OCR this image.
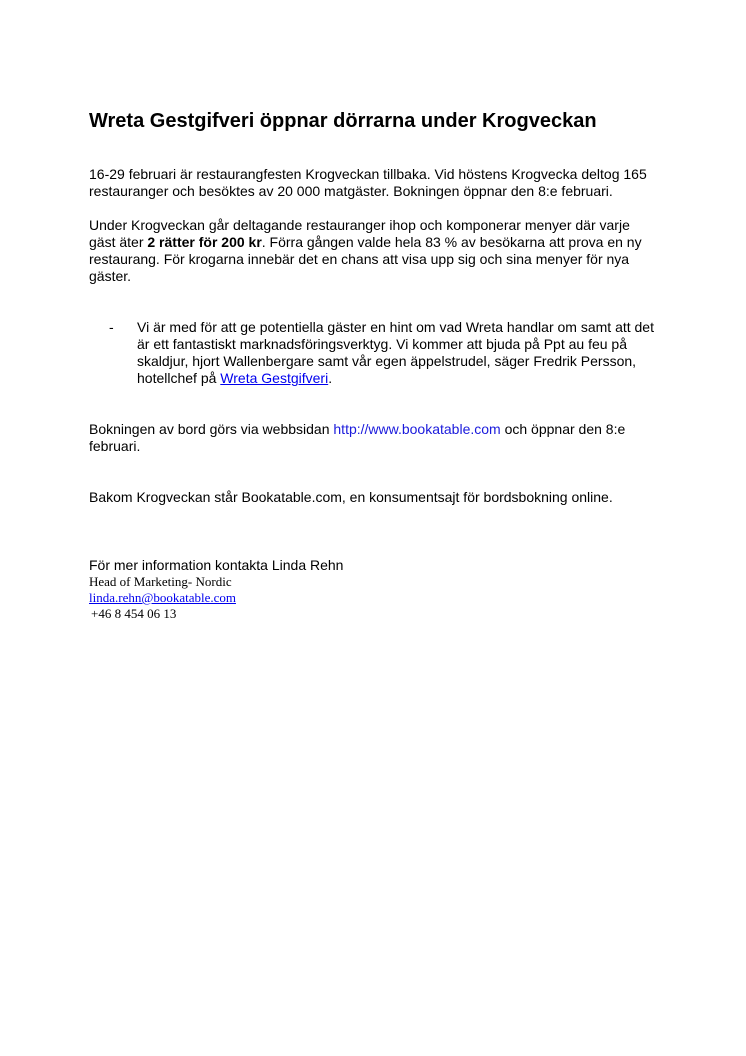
Wreta Gestgifveri öppnar dörrarna under Krogveckan

16-29 februari är restaurangfesten Krogveckan tillbaka. Vid höstens Krogvecka deltog 165 restauranger och besöktes av 20 000 matgäster. Bokningen öppnar den 8:e februari.

Under Krogveckan går deltagande restauranger ihop och komponerar menyer där varje gäst äter 2 rätter för 200 kr. Förra gången valde hela 83 % av besökarna att prova en ny restaurang. För krogarna innebär det en chans att visa upp sig och sina menyer för nya gäster.

- Vi är med för att ge potentiella gäster en hint om vad Wreta handlar om samt att det är ett fantastiskt marknadsföringsverktyg. Vi kommer att bjuda på Ppt au feu på skaldjur, hjort Wallenbergare samt vår egen äppelstrudel, säger Fredrik Persson, hotellchef på Wreta Gestgifveri.

Bokningen av bord görs via webbsidan http://www.bookatable.com och öppnar den 8:e februari.

Bakom Krogveckan står Bookatable.com, en konsumentsajt för bordsbokning online.

För mer information kontakta Linda Rehn
Head of Marketing- Nordic
linda.rehn@bookatable.com
+46 8 454 06 13
